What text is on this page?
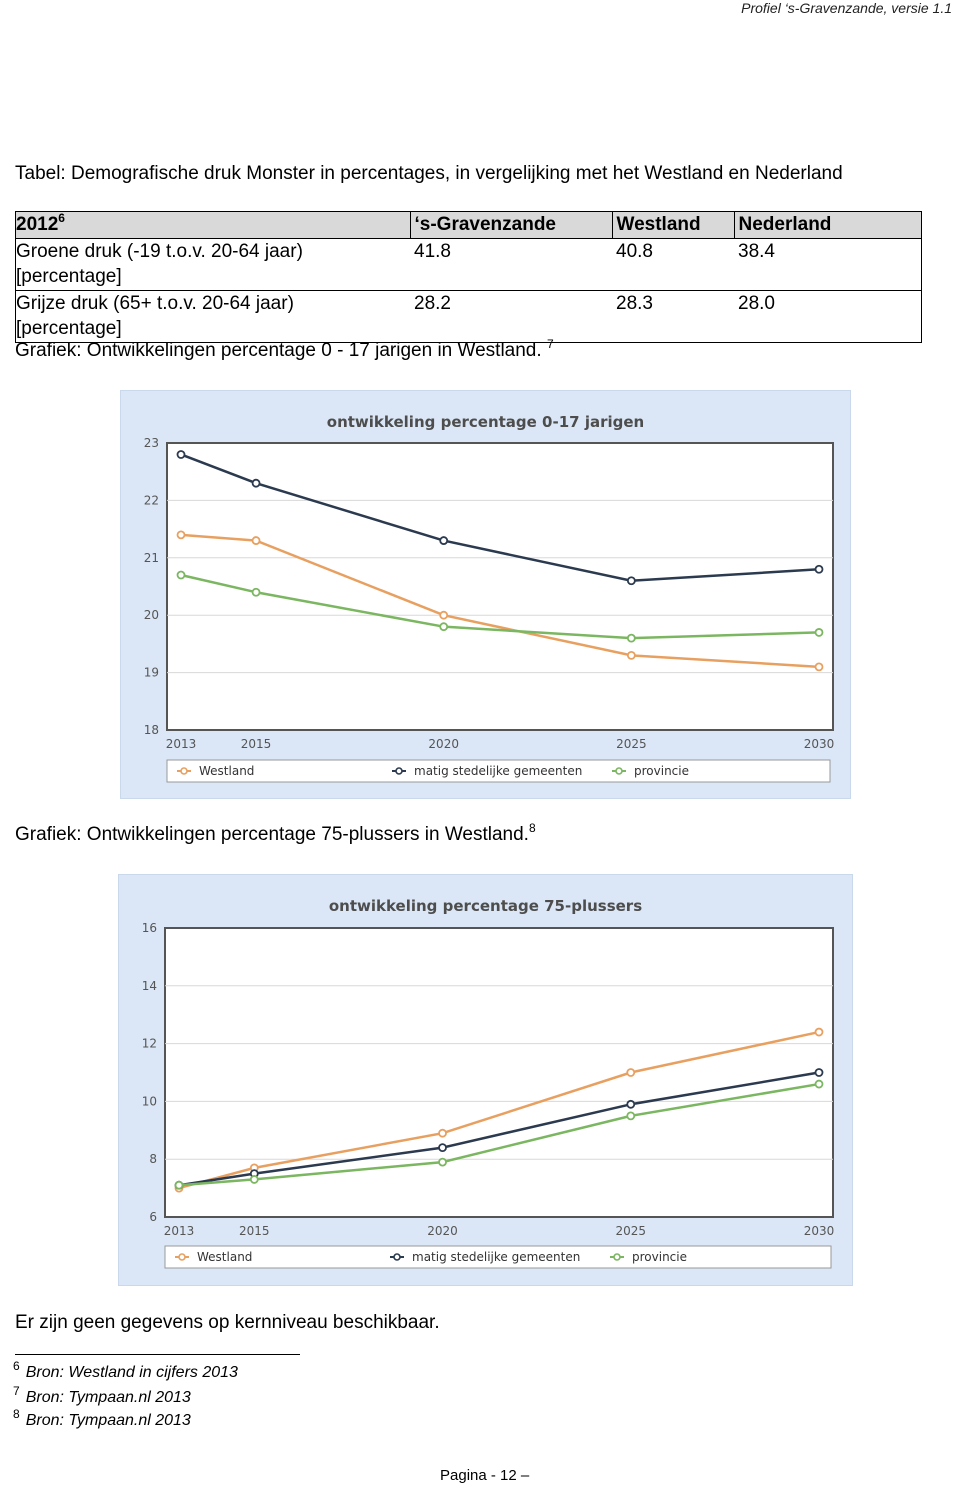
Profiel ‘s-Gravenzande, versie 1.1
Tabel: Demografische druk Monster in percentages, in vergelijking met het Westland en Nederland
2012$^6$	‘s-Gravenzande	Westland	Nederland

Groene druk (-19 t.o.v. 20-64 jaar)
[percentage]	41.8	40.8	38.4

Grijze druk (65+ t.o.v. 20-64 jaar)
[percentage]	28.2	28.3	28.0
Grafiek: Ontwikkelingen percentage 0 - 17 jarigen in Westland. $^7$
ontwikkeling percentage 0-17 jarigen
18
19
20
21
22
23
2013	2015	2020	2025	2030
Westland	matig stedelijke gemeenten	provincie
Grafiek: Ontwikkelingen percentage 75-plussers in Westland.$^8$
ontwikkeling percentage 75-plussers
6
8
10
12
14
16
2013	2015	2020	2025	2030
Westland	matig stedelijke gemeenten	provincie
Er zijn geen gegevens op kernniveau beschikbaar.
$^6$ Bron: Westland in cijfers 2013
$^7$ Bron: Tympaan.nl 2013
$^8$ Bron: Tympaan.nl 2013
Pagina - 12 –
